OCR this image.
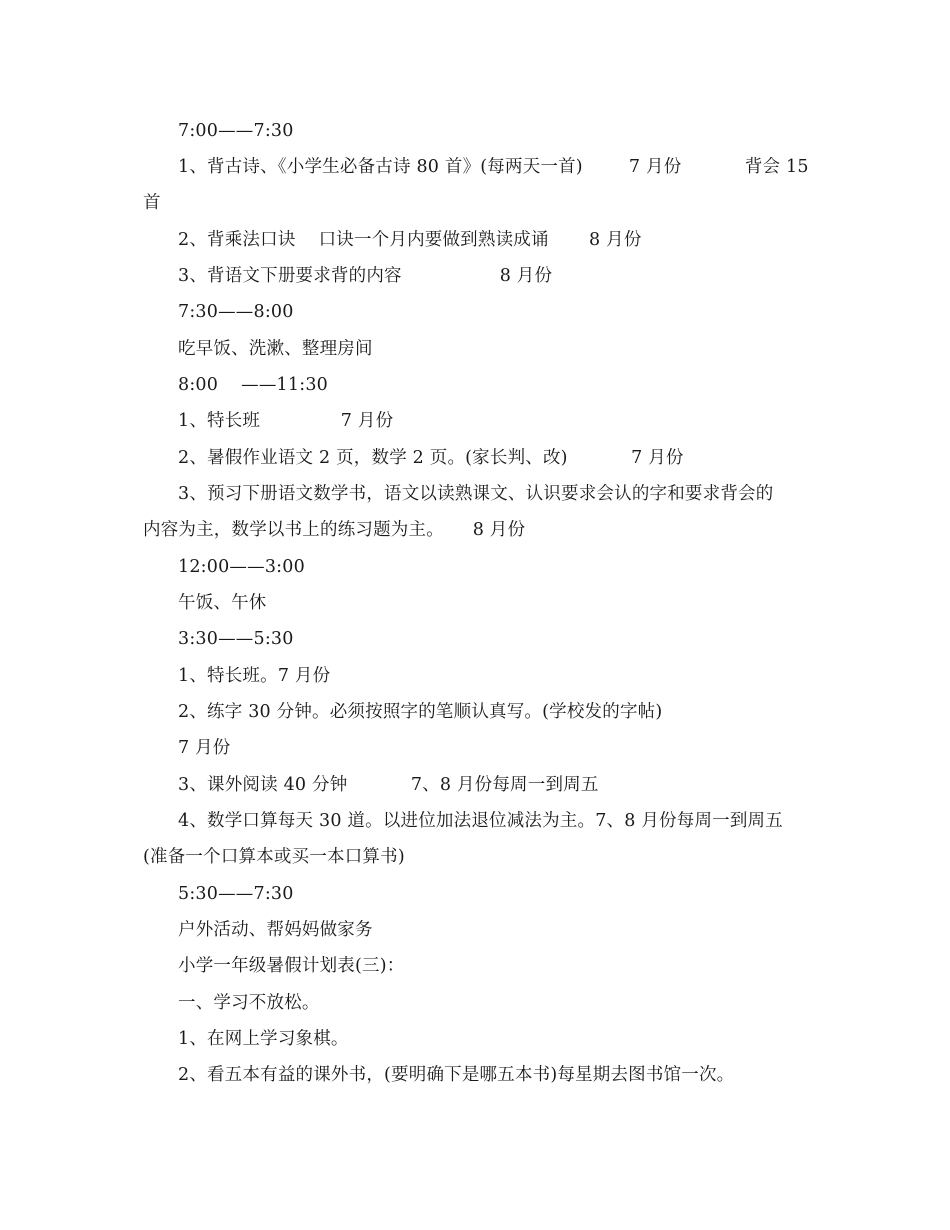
7:00——7:30
1、背古诗、《小学生必备古诗 80 首》(每两天一首)        7 月份           背会 15
首
2、背乘法口诀    口诀一个月内要做到熟读成诵       8 月份
3、背语文下册要求背的内容                 8 月份
7:30——8:00
吃早饭、洗漱、整理房间
8:00    ——11:30
1、特长班              7 月份
2、暑假作业语文 2 页，数学 2 页。(家长判、改)           7 月份
3、预习下册语文数学书，语文以读熟课文、认识要求会认的字和要求背会的
内容为主，数学以书上的练习题为主。     8 月份
12:00——3:00
午饭、午休
3:30——5:30
1、特长班。7 月份
2、练字 30 分钟。必须按照字的笔顺认真写。(学校发的字帖)
7 月份
3、课外阅读 40 分钟           7、8 月份每周一到周五
4、数学口算每天 30 道。以进位加法退位减法为主。7、8 月份每周一到周五
(准备一个口算本或买一本口算书)
5:30——7:30
户外活动、帮妈妈做家务
小学一年级暑假计划表(三)：
一、学习不放松。
1、在网上学习象棋。
2、看五本有益的课外书，(要明确下是哪五本书)每星期去图书馆一次。
